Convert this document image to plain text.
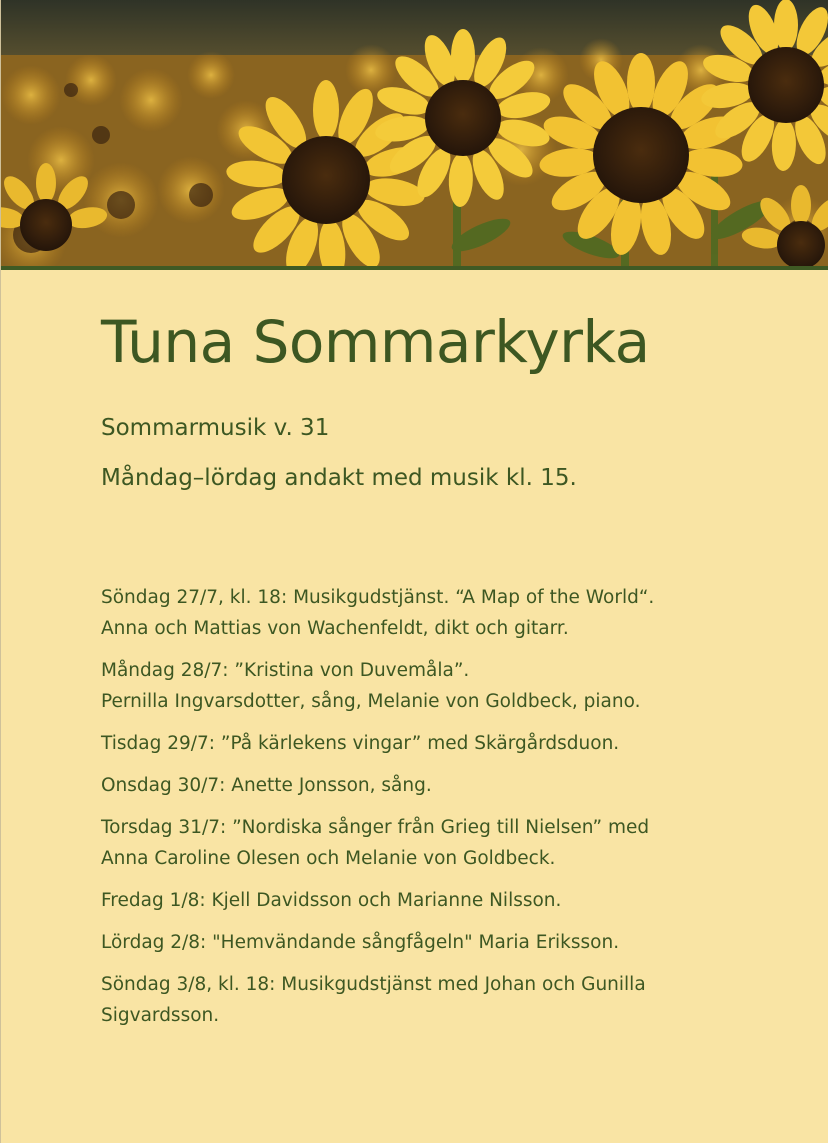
Tuna Sommarkyrka
Sommarmusik v. 31
Måndag–lördag andakt med musik kl. 15.
Söndag 27/7, kl. 18: Musikgudstjänst. “A Map of the World“.
Anna och Mattias von Wachenfeldt, dikt och gitarr.
Måndag 28/7: ”Kristina von Duvemåla”.
Pernilla Ingvarsdotter, sång, Melanie von Goldbeck, piano.
Tisdag 29/7: ”På kärlekens vingar” med Skärgårdsduon.
Onsdag 30/7: Anette Jonsson, sång.
Torsdag 31/7: ”Nordiska sånger från Grieg till Nielsen” med
Anna Caroline Olesen och Melanie von Goldbeck.
Fredag 1/8: Kjell Davidsson och Marianne Nilsson.
Lördag 2/8: "Hemvändande sångfågeln" Maria Eriksson.
Söndag 3/8, kl. 18: Musikgudstjänst med Johan och Gunilla
Sigvardsson.
